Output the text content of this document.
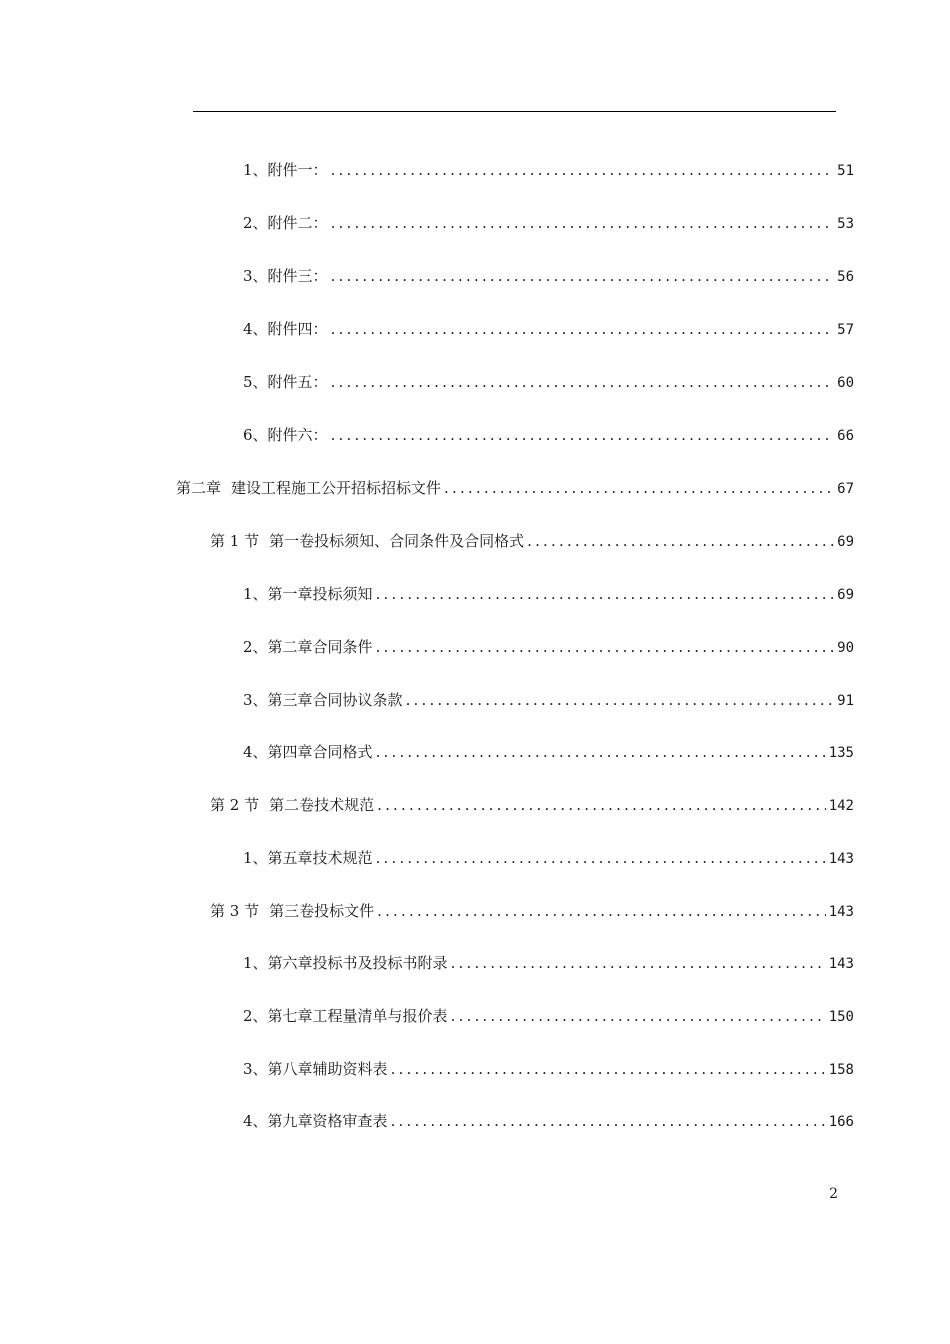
1、 附件一： .....	51
2、 附件二： .....	53
3、 附件三： .....	56
4、 附件四： .....	57
5、 附件五： .....	60
6、 附件六： .....	66
第二章 建设工程施工公开招标招标文件 .....	67
第 1 节 第一卷投标须知、合同条件及合同格式 .....	69
1、 第一章投标须知 .....	69
2、 第二章合同条件 .....	90
3、 第三章合同协议条款 .....	91
4、 第四章合同格式 .....	135
第 2 节 第二卷技术规范 .....	142
1、 第五章技术规范 .....	143
第 3 节 第三卷投标文件 .....	143
1、 第六章投标书及投标书附录 .....	143
2、 第七章工程量清单与报价表 .....	150
3、 第八章辅助资料表 .....	158
4、 第九章资格审查表 .....	166
2
